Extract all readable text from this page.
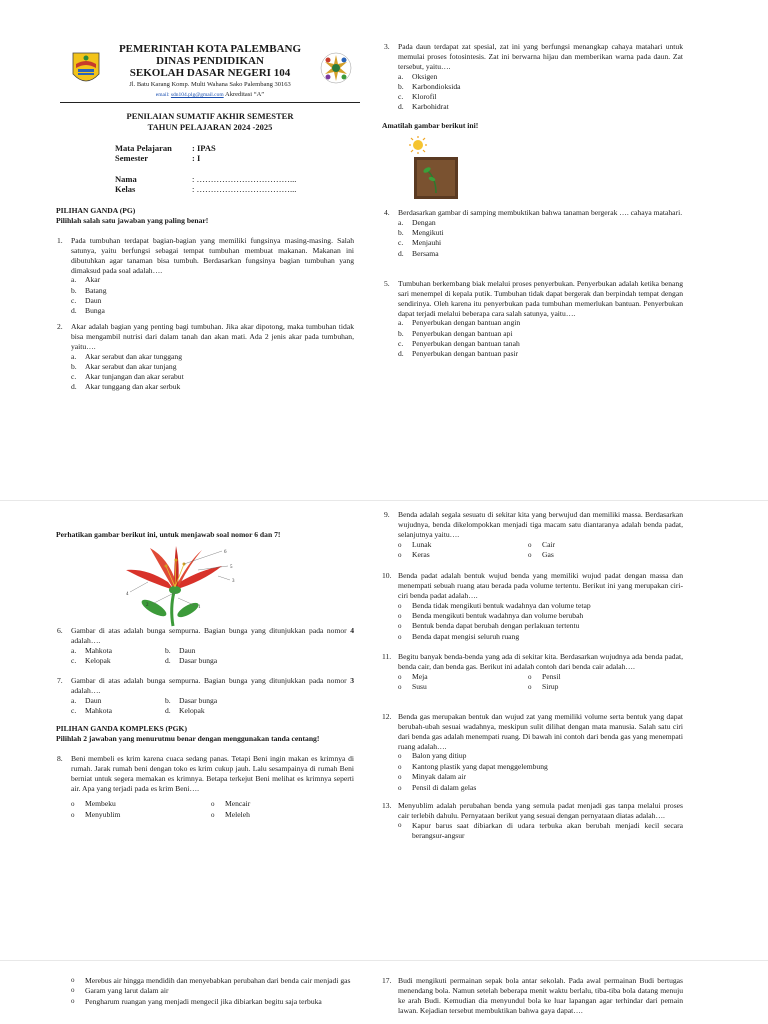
PEMERINTAH KOTA PALEMBANG
DINAS PENDIDIKAN
SEKOLAH DASAR NEGERI 104
Jl. Batu Karang Komp. Multi Wahana Sako Palembang 30163
email: sdn104.plg@gmail.com Akreditasi “A”
PENILAIAN SUMATIF AKHIR SEMESTER
TAHUN PELAJARAN 2024 -2025
Mata Pelajaran : IPAS
Semester	: I
Nama	: ……………………………...
Kelas	: ……………………………...
PILIHAN GANDA (PG)
Pilihlah salah satu jawaban yang paling benar!
1. Pada tumbuhan terdapat bagian-bagian yang memiliki fungsinya masing-masing. Salah satunya, yaitu berfungsi sebagai tempat tumbuhan membuat makanan. Makanan ini dibutuhkan agar tanaman bisa tumbuh. Berdasarkan fungsinya bagian tumbuhan yang dimaksud pada soal adalah….
a. Akar
b. Batang
c. Daun
d. Bunga
2. Akar adalah bagian yang penting bagi tumbuhan. Jika akar dipotong, maka tumbuhan tidak bisa mengambil nutrisi dari dalam tanah dan akan mati. Ada 2 jenis akar pada tumbuhan, yaitu….
a. Akar serabut dan akar tunggang
b. Akar serabut dan akar tunjang
c. Akar tunjangan dan akar serabut
d. Akar tunggang dan akar serbuk
3. Pada daun terdapat zat spesial, zat ini yang berfungsi menangkap cahaya matahari untuk memulai proses fotosintesis. Zat ini berwarna hijau dan memberikan warna pada daun. Zat tersebut, yaitu….
a. Oksigen
b. Karbondioksida
c. Klorofil
d. Karbohidrat
Amatilah gambar berikut ini!
4. Berdasarkan gambar di samping membuktikan bahwa tanaman bergerak …. cahaya matahari.
a. Dengan
b. Mengikuti
c. Menjauhi
d. Bersama
5. Tumbuhan berkembang biak melalui proses penyerbukan. Penyerbukan adalah ketika benang sari menempel di kepala putik. Tumbuhan tidak dapat bergerak dan berpindah tempat dengan sendirinya. Oleh karena itu penyerbukan pada tumbuhan memerlukan bantuan. Penyerbukan dapat terjadi melalui beberapa cara salah satunya, yaitu….
a. Penyerbukan dengan bantuan angin
b. Penyerbukan dengan bantuan api
c. Penyerbukan dengan bantuan tanah
d. Penyerbukan dengan bantuan pasir
Perhatikan gambar berikut ini, untuk menjawab soal nomor 6 dan 7!
6
5
4
3
2	1
6. Gambar di atas adalah bunga sempurna. Bagian bunga yang ditunjukkan pada nomor 4 adalah….
a. Mahkota	b. Daun
c. Kelopak	d. Dasar bunga
7. Gambar di atas adalah bunga sempurna. Bagian bunga yang ditunjukkan pada nomor 3 adalah….
a. Daun	b. Dasar bunga
c. Mahkota	d. Kelopak
PILIHAN GANDA KOMPLEKS (PGK)
Pilihlah 2 jawaban yang menurutmu benar dengan menggunakan tanda centang!
8. Beni membeli es krim karena cuaca sedang panas. Tetapi Beni ingin makan es krimnya di rumah. Jarak rumah beni dengan toko es krim cukup jauh. Lalu sesampainya di rumah Beni berniat untuk segera memakan es krimnya. Betapa terkejut Beni melihat es krimnya seperti air. Apa yang terjadi pada es krim Beni….
o Membeku	o Mencair
o Menyublim	o Meleleh
9. Benda adalah segala sesuatu di sekitar kita yang berwujud dan memiliki massa. Berdasarkan wujudnya, benda dikelompokkan menjadi tiga macam satu diantaranya adalah benda padat, selanjutnya yaitu….
o Lunak	o Cair
o Keras	o Gas
10. Benda padat adalah bentuk wujud benda yang memiliki wujud padat dengan massa dan menempati sebuah ruang atau berada pada volume tertentu. Berikut ini yang merupakan ciri-ciri benda padat adalah….
o Benda tidak mengikuti bentuk wadahnya dan volume tetap
o Benda mengikuti bentuk wadahnya dan volume berubah
o Bentuk benda dapat berubah dengan perlakuan tertentu
o Benda dapat mengisi seluruh ruang
11. Begitu banyak benda-benda yang ada di sekitar kita. Berdasarkan wujudnya ada benda padat, benda cair, dan benda gas. Berikut ini adalah contoh dari benda cair adalah….
o Meja	o Pensil
o Susu	o Sirup
12. Benda gas merupakan bentuk dan wujud zat yang memiliki volume serta bentuk yang dapat berubah-ubah sesuai wadahnya, meskipun sulit dilihat dengan mata manusia. Salah satu ciri dari benda gas adalah menempati ruang. Di bawah ini contoh dari benda gas yang menempati ruang adalah….
o Balon yang ditiup
o Kantong plastik yang dapat menggelembung
o Minyak dalam air
o Pensil di dalam gelas
13. Menyublim adalah perubahan benda yang semula padat menjadi gas tanpa melalui proses cair terlebih dahulu. Pernyataan berikut yang sesuai dengan pernyataan diatas adalah….
o	Kapur barus saat dibiarkan di udara terbuka akan berubah menjadi kecil secara berangsur-angsur
o	Merebus air hingga mendidih dan menyebabkan perubahan dari benda cair menjadi gas
o	Garam yang larut dalam air
o	Pengharum ruangan yang menjadi mengecil jika dibiarkan begitu saja terbuka
17. Budi mengikuti permainan sepak bola antar sekolah. Pada awal permainan Budi bertugas menendang bola. Namun setelah beberapa menit waktu berlalu, tiba-tiba bola datang menuju ke arah Budi. Kemudian dia menyundul bola ke luar lapangan agar terhindar dari pemain lawan. Kejadian tersebut membuktikan bahwa gaya dapat….
